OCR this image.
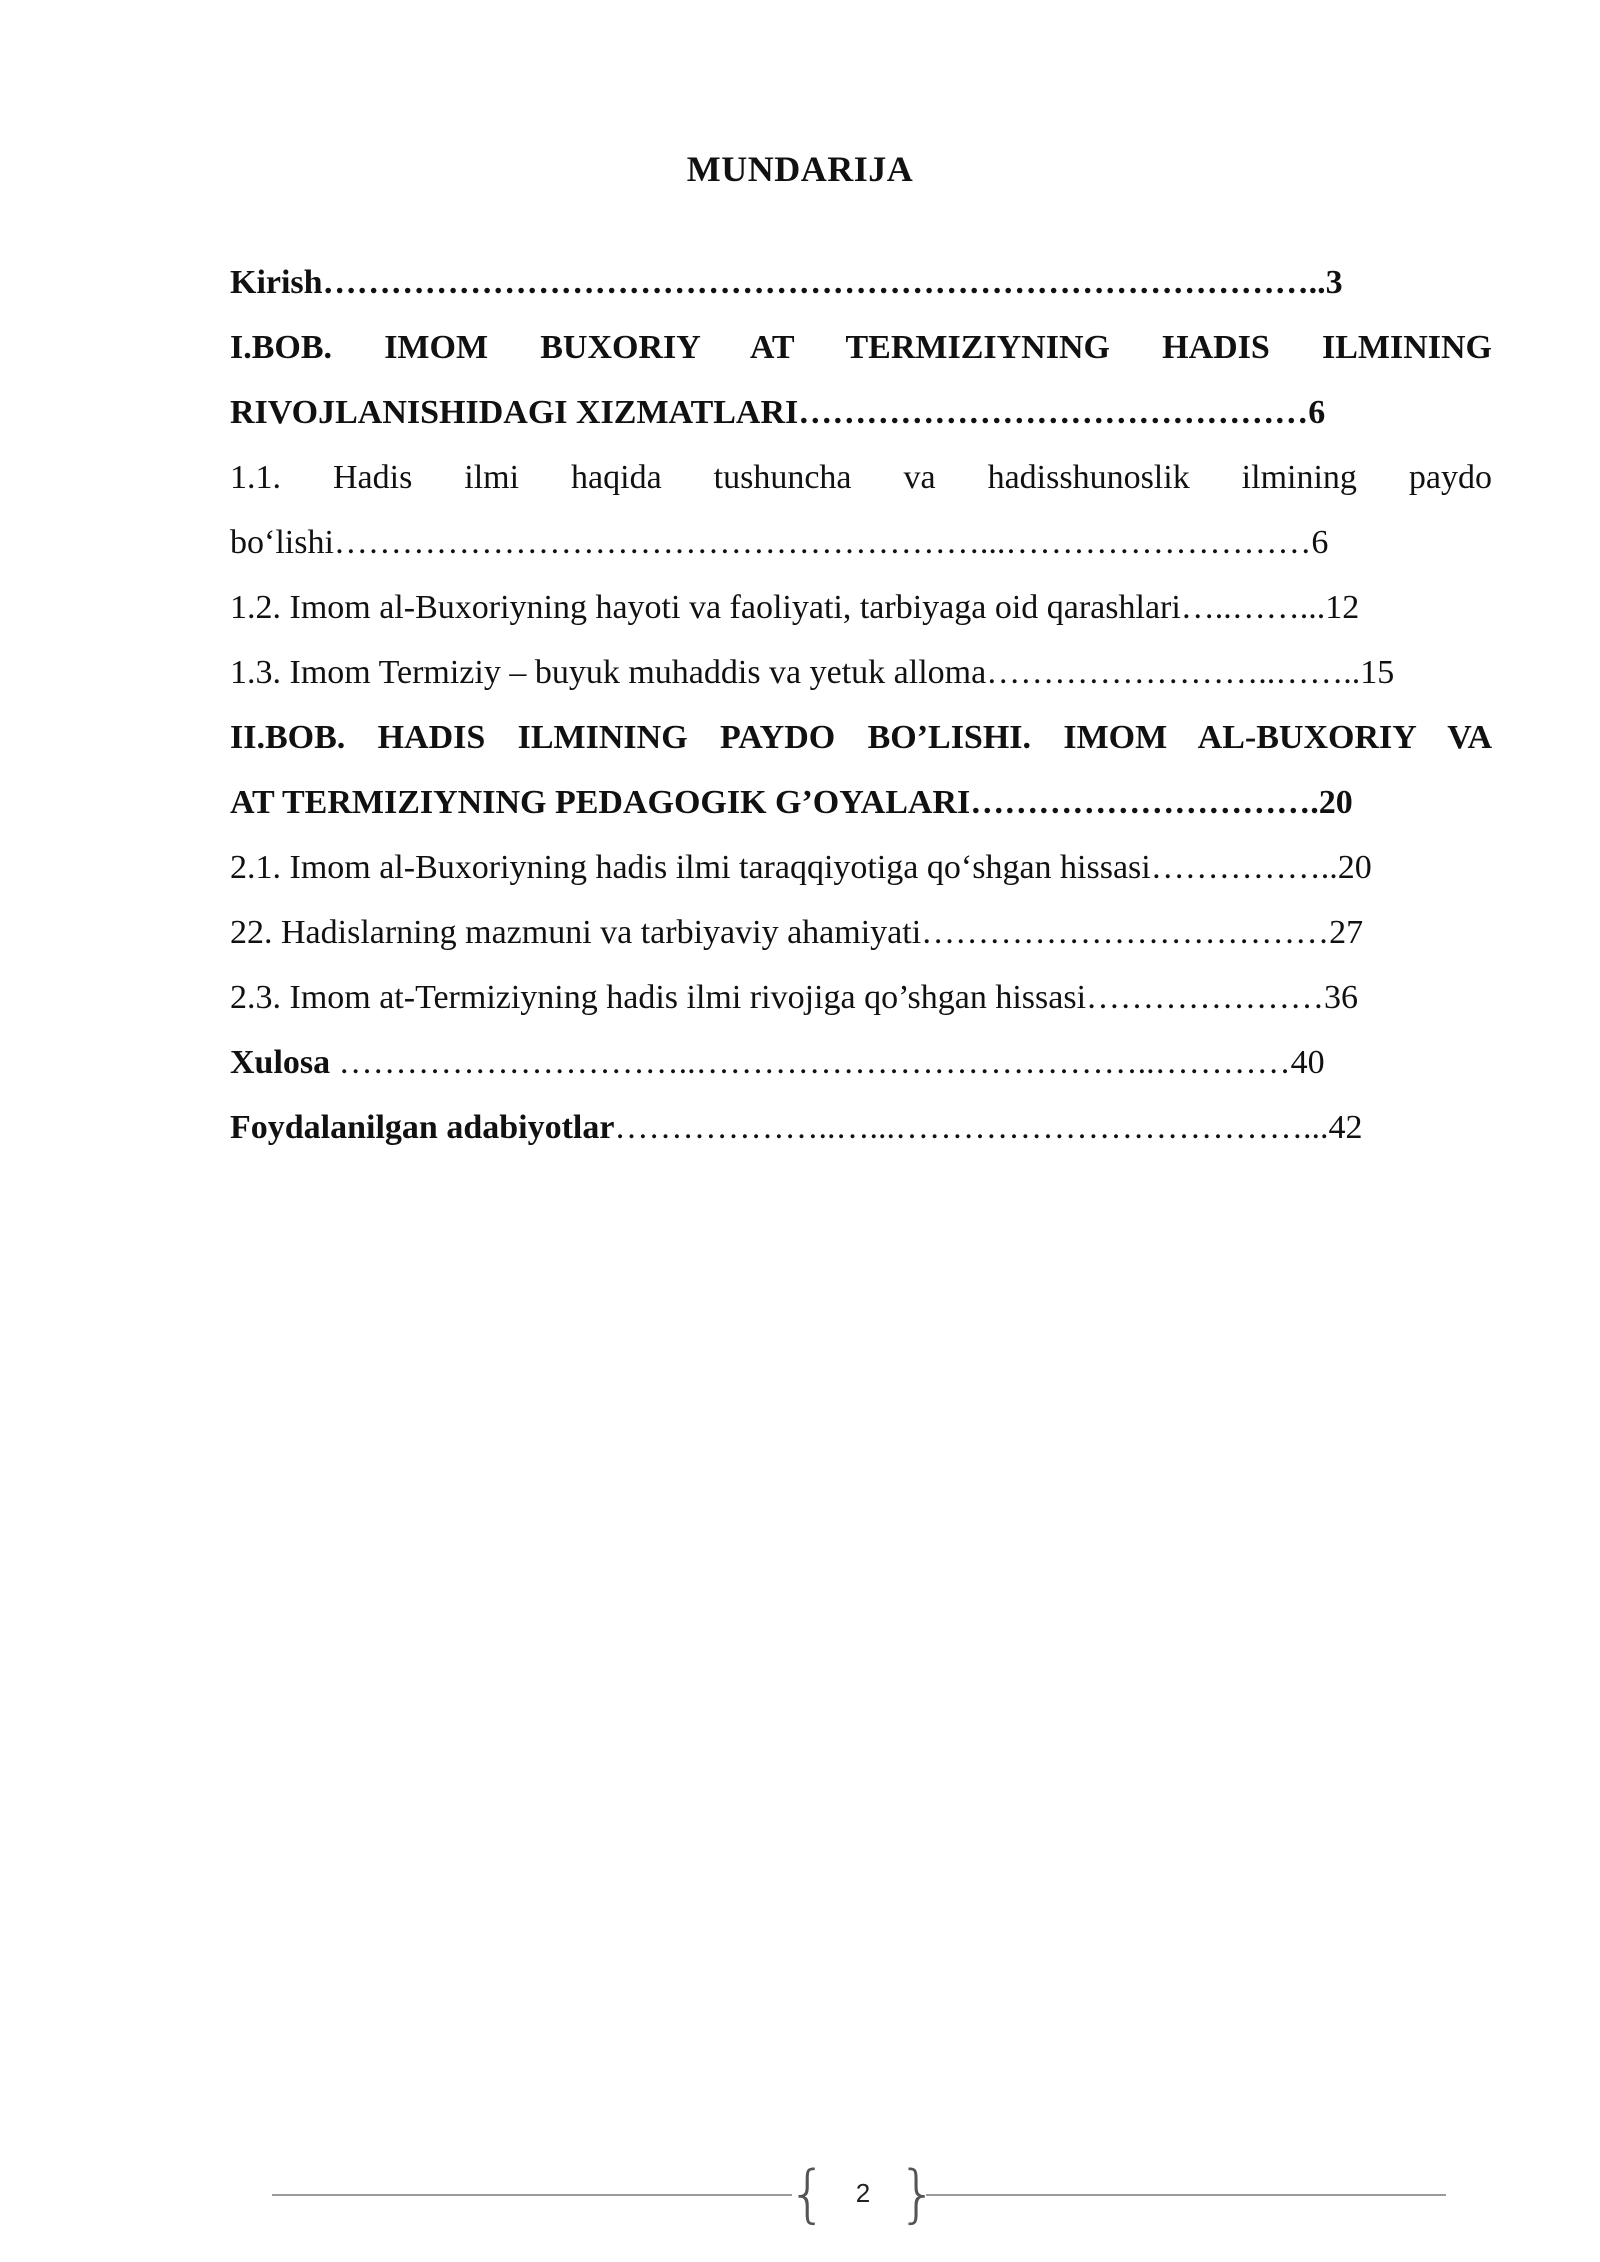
MUNDARIJA
Kirish……………………………………………………………………………..3
I.BOB. IMOM BUXORIY AT TERMIZIYNING HADIS ILMINING
RIVOJLANISHIDAGI XIZMATLARI………………………………………6
1.1. Hadis ilmi haqida tushuncha va hadisshunoslik ilmining paydo
bo‘lishi…………………………………………………...………………………6
1.2. Imom al-Buxoriyning hayoti va faoliyati, tarbiyaga oid qarashlari…..……...12
1.3. Imom Termiziy – buyuk muhaddis va yetuk alloma……………………..……..15
II.BOB. HADIS ILMINING PAYDO BO’LISHI. IMOM AL-BUXORIY VA
AT TERMIZIYNING PEDAGOGIK G’OYALARI………………………….20
2.1. Imom al-Buxoriyning hadis ilmi taraqqiyotiga qo‘shgan hissasi……………..20
22. Hadislarning mazmuni va tarbiyaviy ahamiyati………………………………27
2.3. Imom at-Termiziyning hadis ilmi rivojiga qo’shgan hissasi…………………36
Xulosa …………………………..…………………………………..…………40
Foydalanilgan adabiyotlar………………..…...………………………………...42
{	2 }
